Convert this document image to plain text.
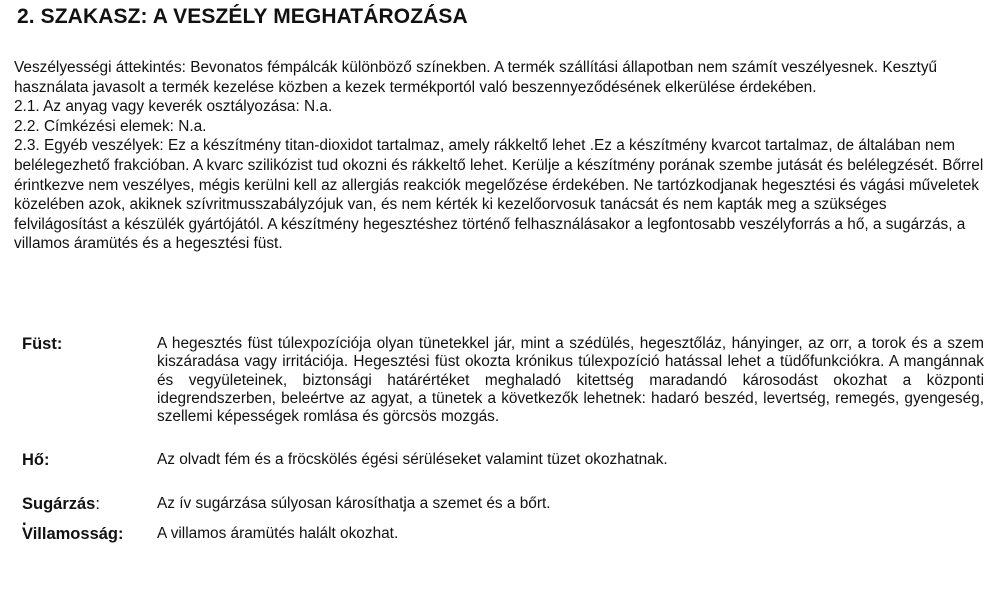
2. SZAKASZ: A VESZÉLY MEGHATÁROZÁSA

Veszélyességi áttekintés: Bevonatos fémpálcák különböző színekben. A termék szállítási állapotban nem számít veszélyesnek. Kesztyű használata javasolt a termék kezelése közben a kezek termékportól való beszennyeződésének elkerülése érdekében.

2.1. Az anyag vagy keverék osztályozása: N.a.

2.2. Címkézési elemek: N.a.

2.3. Egyéb veszélyek: Ez a készítmény titan-dioxidot tartalmaz, amely rákkeltő lehet .Ez a készítmény kvarcot tartalmaz, de általában nem belélegezhető frakcióban. A kvarc szilikózist tud okozni és rákkeltő lehet. Kerülje a készítmény porának szembe jutását és belélegzését. Bőrrel érintkezve nem veszélyes, mégis kerülni kell az allergiás reakciók megelőzése érdekében. Ne tartózkodjanak hegesztési és vágási műveletek közelében azok, akiknek szívritmusszabályzójuk van, és nem kérték ki kezelőorvosuk tanácsát és nem kapták meg a szükséges felvilágosítást a készülék gyártójától. A készítmény hegesztéshez történő felhasználásakor a legfontosabb veszélyforrás a hő, a sugárzás, a villamos áramütés és a hegesztési füst.

Füst:	A hegesztés füst túlexpozíciója olyan tünetekkel jár, mint a szédülés, hegesztőláz, hányinger, az orr, a torok és a szem kiszáradása vagy irritációja. Hegesztési füst okozta krónikus túlexpozíció hatással lehet a tüdőfunkciókra. A mangánnak és vegyületeinek, biztonsági határértéket meghaladó kitettség maradandó károsodást okozhat a központi idegrendszerben, beleértve az agyat, a tünetek a következők lehetnek: hadaró beszéd, levertség, remegés, gyengeség, szellemi képességek romlása és görcsös mozgás.
Hő:	Az olvadt fém és a fröcskölés égési sérüléseket valamint tüzet okozhatnak.
Sugárzás:	Az ív sugárzása súlyosan károsíthatja a szemet és a bőrt.
.	
Villamosság:	A villamos áramütés halált okozhat.
